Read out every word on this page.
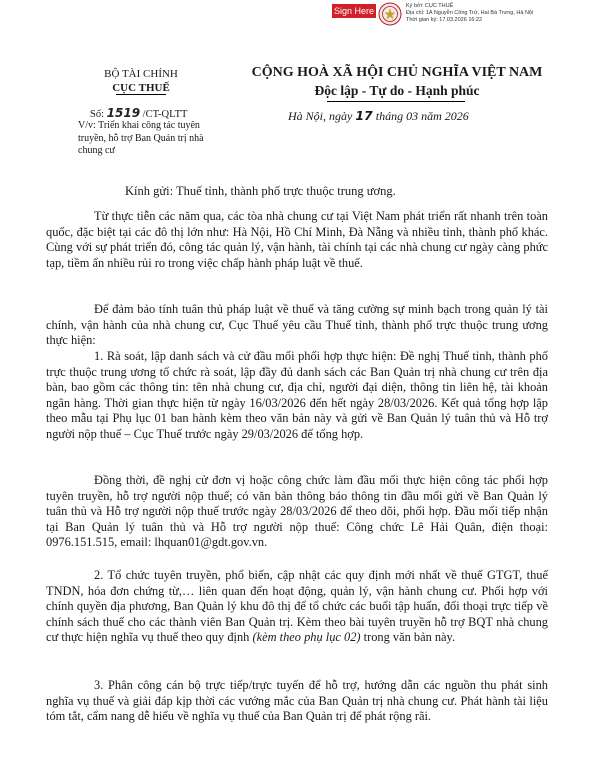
Sign Here	Ký bởi: CỤC THUẾ
Địa chỉ: 1A Nguyễn Công Trứ, Hai Bà Trưng, Hà Nội
Thời gian ký: 17.03.2026 16:22
BỘ TÀI CHÍNH
CỤC THUẾ
CỘNG HOÀ XÃ HỘI CHỦ NGHĨA VIỆT NAM
Độc lập - Tự do - Hạnh phúc
Số: 1519 /CT-QLTT
V/v: Triển khai công tác tuyên truyền, hỗ trợ Ban Quản trị nhà chung cư
Hà Nội, ngày 17 tháng 03 năm 2026
Kính gửi: Thuế tỉnh, thành phố trực thuộc trung ương.

Từ thực tiễn các năm qua, các tòa nhà chung cư tại Việt Nam phát triển rất nhanh trên toàn quốc, đặc biệt tại các đô thị lớn như: Hà Nội, Hồ Chí Minh, Đà Nẵng và nhiều tỉnh, thành phố khác. Cùng với sự phát triển đó, công tác quản lý, vận hành, tài chính tại các nhà chung cư ngày càng phức tạp, tiềm ẩn nhiều rủi ro trong việc chấp hành pháp luật về thuế.

Để đảm bảo tính tuân thủ pháp luật về thuế và tăng cường sự minh bạch trong quản lý tài chính, vận hành của nhà chung cư, Cục Thuế yêu cầu Thuế tỉnh, thành phố trực thuộc trung ương thực hiện:

1. Rà soát, lập danh sách và cử đầu mối phối hợp thực hiện: Đề nghị Thuế tỉnh, thành phố trực thuộc trung ương tổ chức rà soát, lập đầy đủ danh sách các Ban Quản trị nhà chung cư trên địa bàn, bao gồm các thông tin: tên nhà chung cư, địa chỉ, người đại diện, thông tin liên hệ, tài khoản ngân hàng. Thời gian thực hiện từ ngày 16/03/2026 đến hết ngày 28/03/2026. Kết quả tổng hợp lập theo mẫu tại Phụ lục 01 ban hành kèm theo văn bản này và gửi về Ban Quản lý tuân thủ và Hỗ trợ người nộp thuế – Cục Thuế trước ngày 29/03/2026 để tổng hợp.

Đồng thời, đề nghị cử đơn vị hoặc công chức làm đầu mối thực hiện công tác phối hợp tuyên truyền, hỗ trợ người nộp thuế; có văn bản thông báo thông tin đầu mối gửi về Ban Quản lý tuân thủ và Hỗ trợ người nộp thuế trước ngày 28/03/2026 để theo dõi, phối hợp. Đầu mối tiếp nhận tại Ban Quản lý tuân thủ và Hỗ trợ người nộp thuế: Công chức Lê Hải Quân, điện thoại: 0976.151.515, email: lhquan01@gdt.gov.vn.

2. Tổ chức tuyên truyền, phổ biến, cập nhật các quy định mới nhất về thuế GTGT, thuế TNDN, hóa đơn chứng từ,… liên quan đến hoạt động, quản lý, vận hành chung cư. Phối hợp với chính quyền địa phương, Ban Quản lý khu đô thị để tổ chức các buổi tập huấn, đối thoại trực tiếp về chính sách thuế cho các thành viên Ban Quản trị. Kèm theo bài tuyên truyền hỗ trợ BQT nhà chung cư thực hiện nghĩa vụ thuế theo quy định (kèm theo phụ lục 02) trong văn bản này.

3. Phân công cán bộ trực tiếp/trực tuyến để hỗ trợ, hướng dẫn các nguồn thu phát sinh nghĩa vụ thuế và giải đáp kịp thời các vướng mắc của Ban Quản trị nhà chung cư. Phát hành tài liệu tóm tắt, cẩm nang dễ hiểu về nghĩa vụ thuế của Ban Quản trị để phát rộng rãi.
